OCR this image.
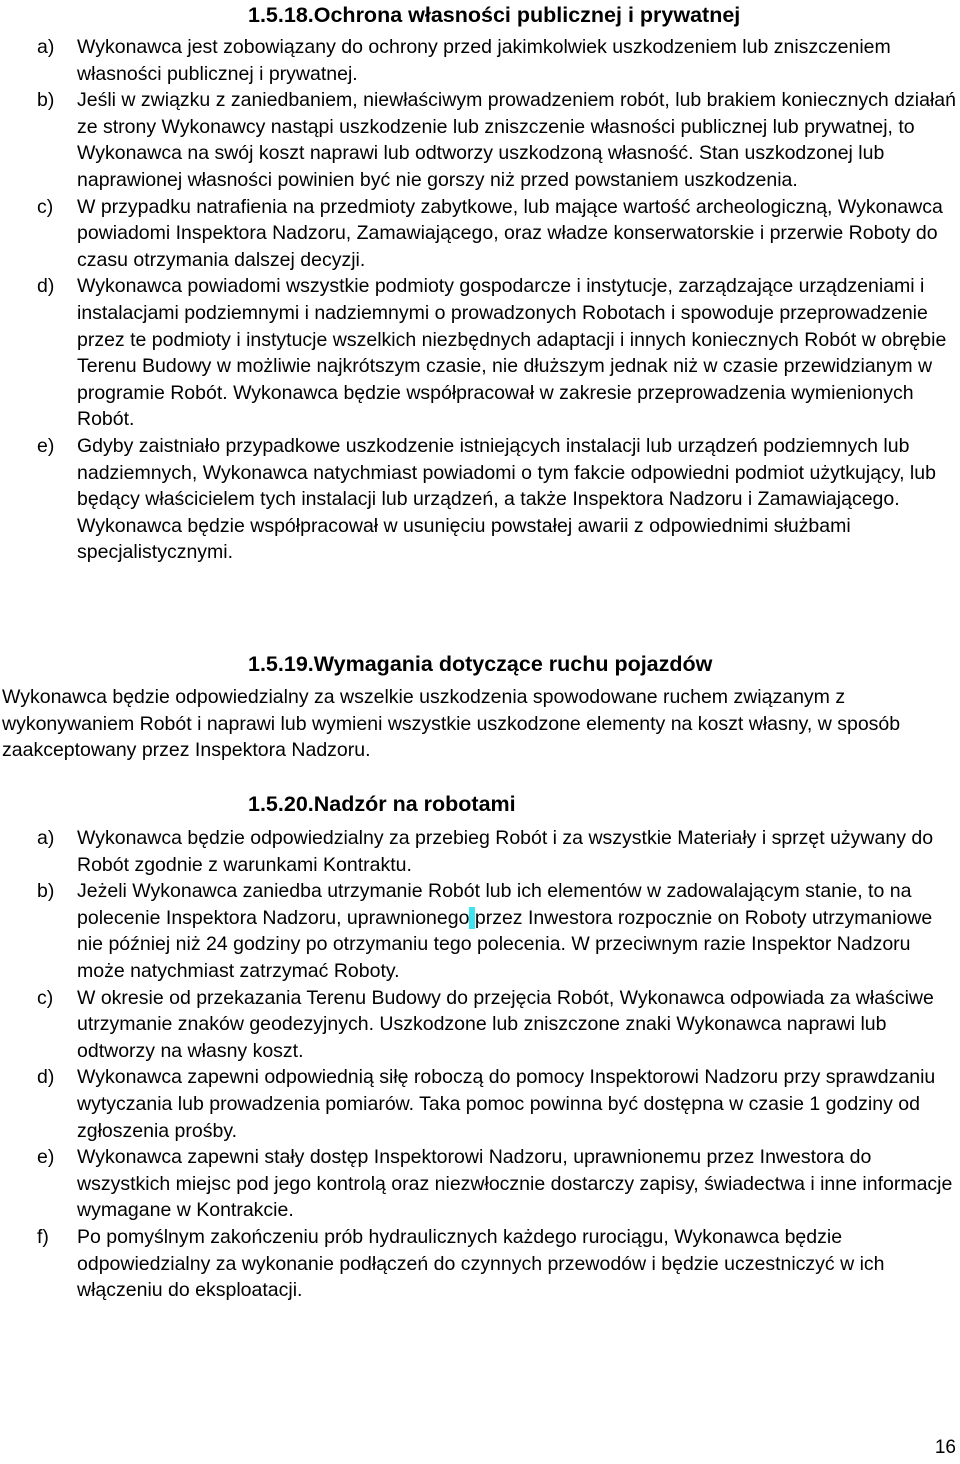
1.5.18.Ochrona własności publicznej i prywatnej
a) Wykonawca jest zobowiązany do ochrony przed jakimkolwiek uszkodzeniem lub zniszczeniem własności publicznej i prywatnej.

b) Jeśli w związku z zaniedbaniem, niewłaściwym prowadzeniem robót, lub brakiem koniecznych działań ze strony Wykonawcy nastąpi uszkodzenie lub zniszczenie własności publicznej lub prywatnej, to Wykonawca na swój koszt naprawi lub odtworzy uszkodzoną własność. Stan uszkodzonej lub naprawionej własności powinien być nie gorszy niż przed powstaniem uszkodzenia.

c) W przypadku natrafienia na przedmioty zabytkowe, lub mające wartość archeologiczną, Wykonawca powiadomi Inspektora Nadzoru, Zamawiającego, oraz władze konserwatorskie i przerwie Roboty do czasu otrzymania dalszej decyzji.

d) Wykonawca powiadomi wszystkie podmioty gospodarcze i instytucje, zarządzające urządzeniami i instalacjami podziemnymi i nadziemnymi o prowadzonych Robotach i spowoduje przeprowadzenie przez te podmioty i instytucje wszelkich niezbędnych adaptacji i innych koniecznych Robót w obrębie Terenu Budowy w możliwie najkrótszym czasie, nie dłuższym jednak niż w czasie przewidzianym w programie Robót. Wykonawca będzie współpracował w zakresie przeprowadzenia wymienionych Robót.

e) Gdyby zaistniało przypadkowe uszkodzenie istniejących instalacji lub urządzeń podziemnych lub nadziemnych, Wykonawca natychmiast powiadomi o tym fakcie odpowiedni podmiot użytkujący, lub będący właścicielem tych instalacji lub urządzeń, a także Inspektora Nadzoru i Zamawiającego. Wykonawca będzie współpracował w usunięciu powstałej awarii z odpowiednimi służbami specjalistycznymi.

1.5.19.Wymagania dotyczące ruchu pojazdów

Wykonawca będzie odpowiedzialny za wszelkie uszkodzenia spowodowane ruchem związanym z wykonywaniem Robót i naprawi lub wymieni wszystkie uszkodzone elementy na koszt własny, w sposób zaakceptowany przez Inspektora Nadzoru.

1.5.20.Nadzór na robotami
a) Wykonawca będzie odpowiedzialny za przebieg Robót i za wszystkie Materiały i sprzęt używany do Robót zgodnie z warunkami Kontraktu.

b) Jeżeli Wykonawca zaniedba utrzymanie Robót lub ich elementów w zadowalającym stanie, to na polecenie Inspektora Nadzoru, uprawnionego przez Inwestora rozpocznie on Roboty utrzymaniowe nie później niż 24 godziny po otrzymaniu tego polecenia. W przeciwnym razie Inspektor Nadzoru może natychmiast zatrzymać Roboty.

c) W okresie od przekazania Terenu Budowy do przejęcia Robót, Wykonawca odpowiada za właściwe utrzymanie znaków geodezyjnych. Uszkodzone lub zniszczone znaki Wykonawca naprawi lub odtworzy na własny koszt.

d) Wykonawca zapewni odpowiednią siłę roboczą do pomocy Inspektorowi Nadzoru przy sprawdzaniu wytyczania lub prowadzenia pomiarów. Taka pomoc powinna być dostępna w czasie 1 godziny od zgłoszenia prośby.

e) Wykonawca zapewni stały dostęp Inspektorowi Nadzoru, uprawnionemu przez Inwestora do wszystkich miejsc pod jego kontrolą oraz niezwłocznie dostarczy zapisy, świadectwa i inne informacje wymagane w Kontrakcie.

f) Po pomyślnym zakończeniu prób hydraulicznych każdego rurociągu, Wykonawca będzie odpowiedzialny za wykonanie podłączeń do czynnych przewodów i będzie uczestniczyć w ich włączeniu do eksploatacji.

16
